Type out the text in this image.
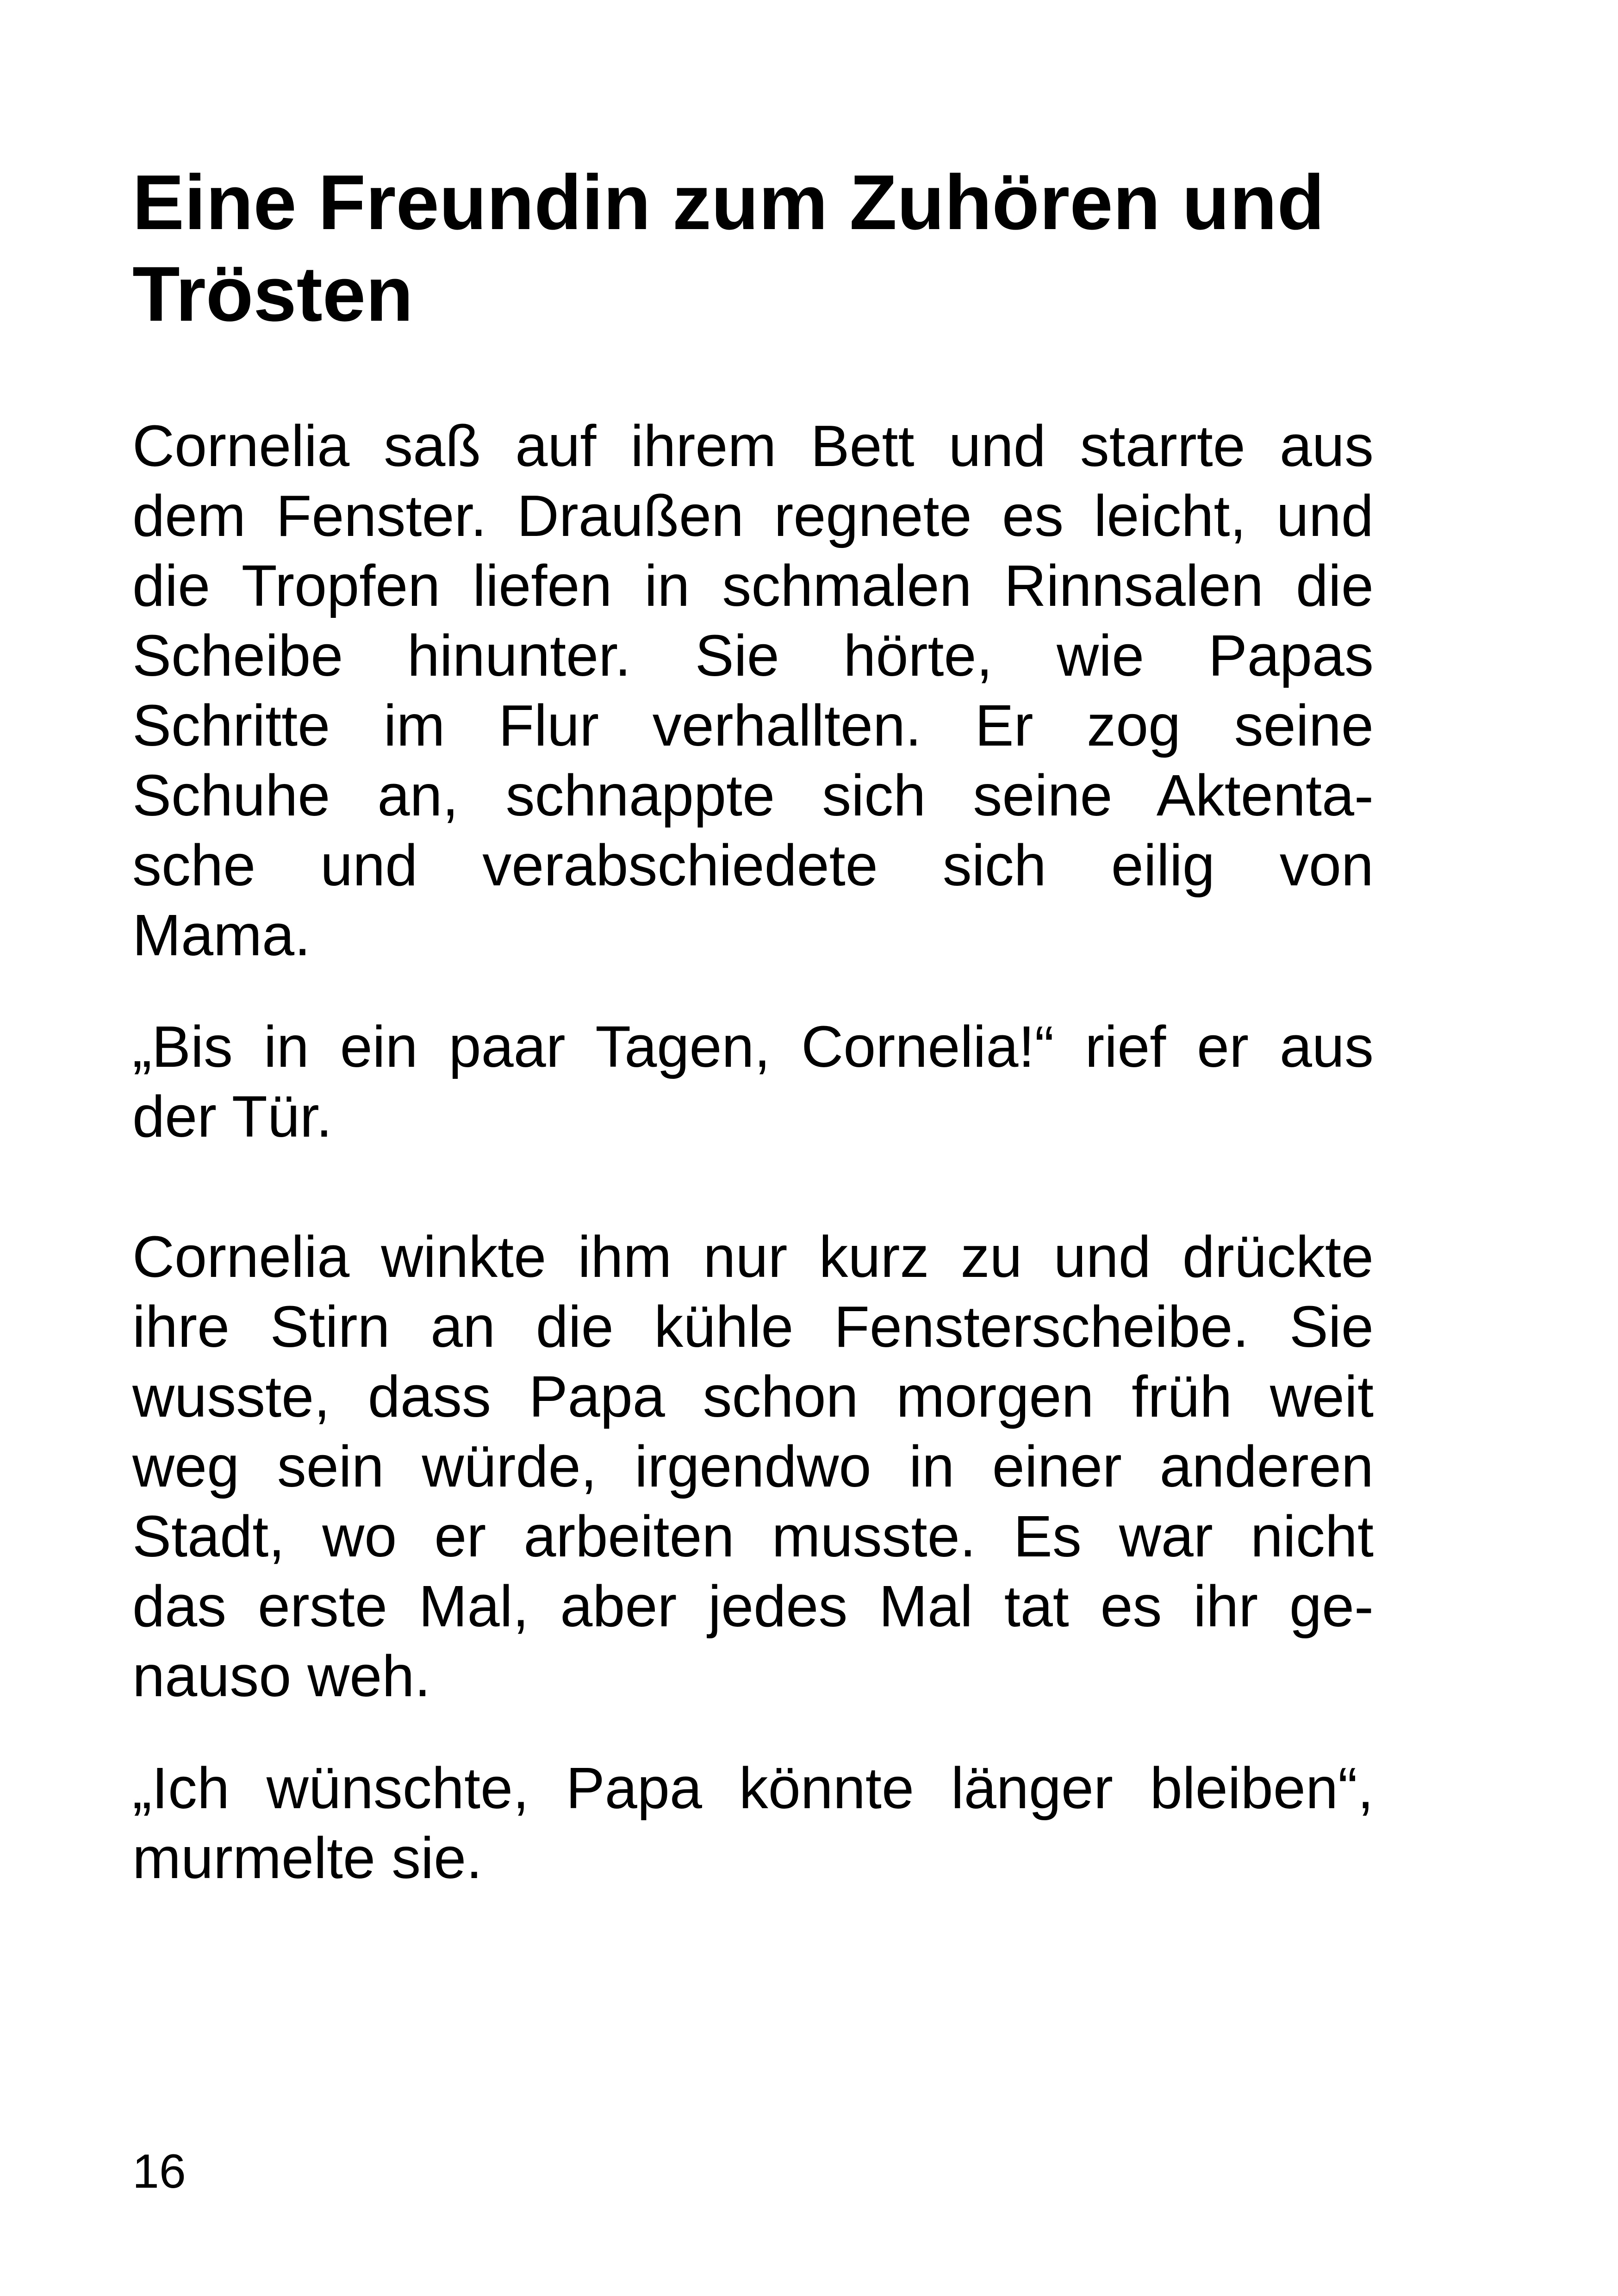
Eine Freundin zum Zuhören und
Trösten

Cornelia saß auf ihrem Bett und starrte aus
dem Fenster. Draußen regnete es leicht, und
die Tropfen liefen in schmalen Rinnsalen die
Scheibe hinunter. Sie hörte, wie Papas
Schritte im Flur verhallten. Er zog seine
Schuhe an, schnappte sich seine Aktenta-
sche und verabschiedete sich eilig von
Mama.

„Bis in ein paar Tagen, Cornelia!“ rief er aus
der Tür.

Cornelia winkte ihm nur kurz zu und drückte
ihre Stirn an die kühle Fensterscheibe. Sie
wusste, dass Papa schon morgen früh weit
weg sein würde, irgendwo in einer anderen
Stadt, wo er arbeiten musste. Es war nicht
das erste Mal, aber jedes Mal tat es ihr ge-
nauso weh.

„Ich wünschte, Papa könnte länger bleiben“,
murmelte sie.

16
